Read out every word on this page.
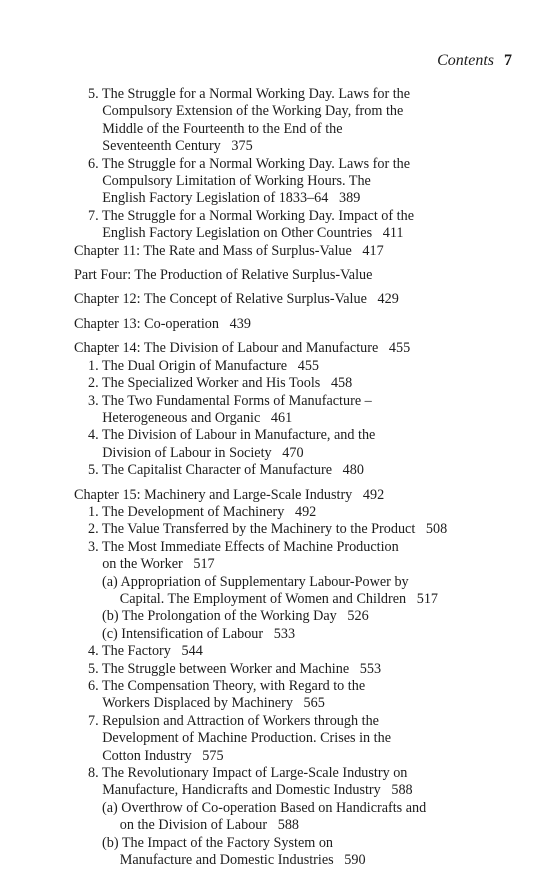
Contents 7
5. The Struggle for a Normal Working Day. Laws for the
Compulsory Extension of the Working Day, from the
Middle of the Fourteenth to the End of the
Seventeenth Century   375
6. The Struggle for a Normal Working Day. Laws for the
Compulsory Limitation of Working Hours. The
English Factory Legislation of 1833–64   389
7. The Struggle for a Normal Working Day. Impact of the
English Factory Legislation on Other Countries   411
Chapter 11: The Rate and Mass of Surplus-Value   417
Part Four: The Production of Relative Surplus-Value
Chapter 12: The Concept of Relative Surplus-Value   429
Chapter 13: Co-operation   439
Chapter 14: The Division of Labour and Manufacture   455
1. The Dual Origin of Manufacture   455
2. The Specialized Worker and His Tools   458
3. The Two Fundamental Forms of Manufacture –
Heterogeneous and Organic   461
4. The Division of Labour in Manufacture, and the
Division of Labour in Society   470
5. The Capitalist Character of Manufacture   480
Chapter 15: Machinery and Large-Scale Industry   492
1. The Development of Machinery   492
2. The Value Transferred by the Machinery to the Product   508
3. The Most Immediate Effects of Machine Production
on the Worker   517
(a) Appropriation of Supplementary Labour-Power by
Capital. The Employment of Women and Children   517
(b) The Prolongation of the Working Day   526
(c) Intensification of Labour   533
4. The Factory   544
5. The Struggle between Worker and Machine   553
6. The Compensation Theory, with Regard to the
Workers Displaced by Machinery   565
7. Repulsion and Attraction of Workers through the
Development of Machine Production. Crises in the
Cotton Industry   575
8. The Revolutionary Impact of Large-Scale Industry on
Manufacture, Handicrafts and Domestic Industry   588
(a) Overthrow of Co-operation Based on Handicrafts and
on the Division of Labour   588
(b) The Impact of the Factory System on
Manufacture and Domestic Industries   590
